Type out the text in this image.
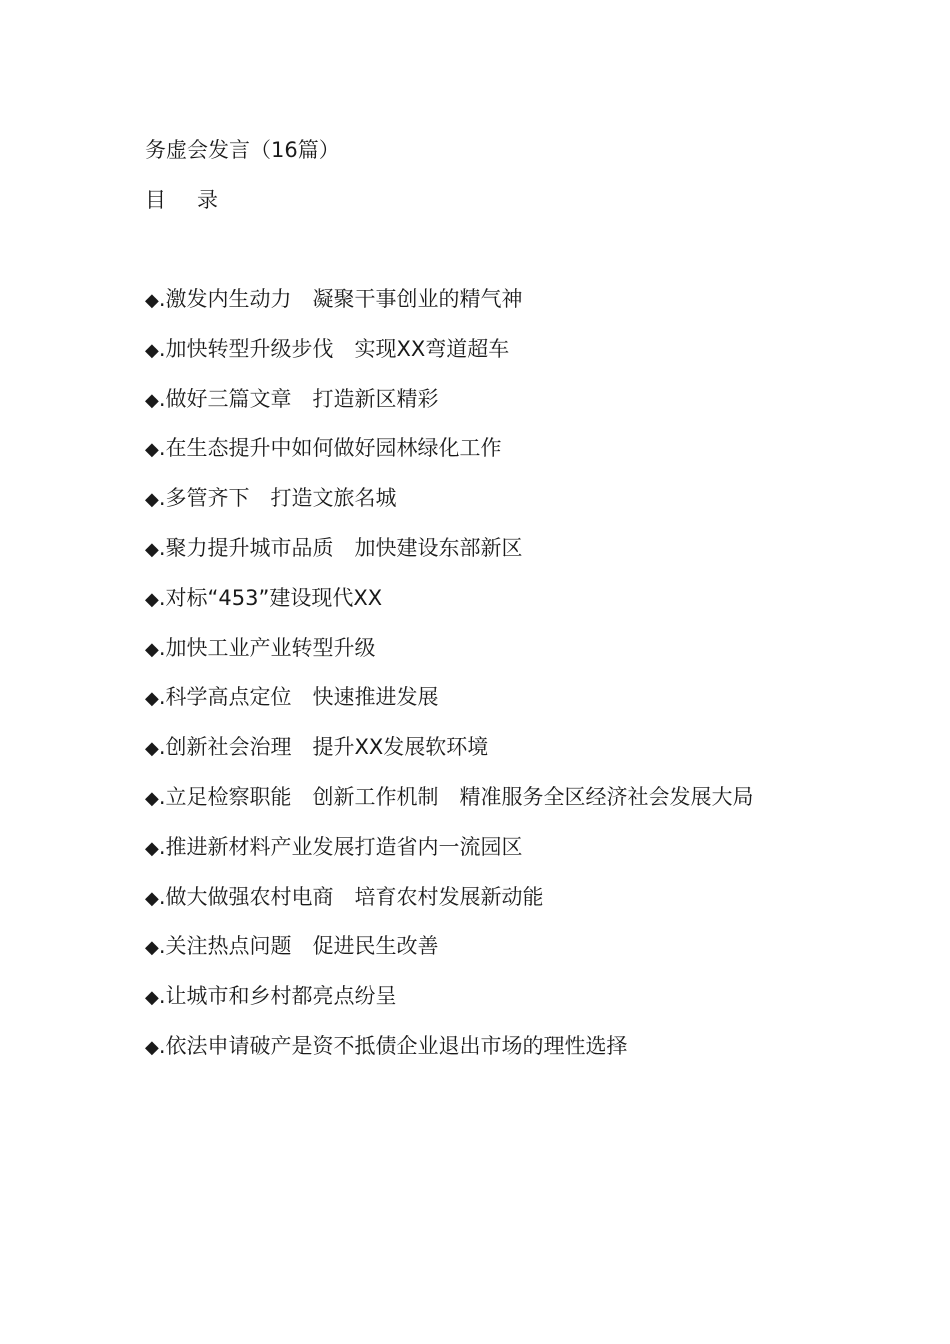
务虚会发言（16篇）
目 录
◆.激发内生动力　凝聚干事创业的精气神
◆.加快转型升级步伐　实现XX弯道超车
◆.做好三篇文章　打造新区精彩
◆.在生态提升中如何做好园林绿化工作
◆.多管齐下　打造文旅名城
◆.聚力提升城市品质　加快建设东部新区
◆.对标“453”建设现代XX
◆.加快工业产业转型升级
◆.科学高点定位　快速推进发展
◆.创新社会治理　提升XX发展软环境
◆.立足检察职能　创新工作机制　精准服务全区经济社会发展大局
◆.推进新材料产业发展打造省内一流园区
◆.做大做强农村电商　培育农村发展新动能
◆.关注热点问题　促进民生改善
◆.让城市和乡村都亮点纷呈
◆.依法申请破产是资不抵债企业退出市场的理性选择
